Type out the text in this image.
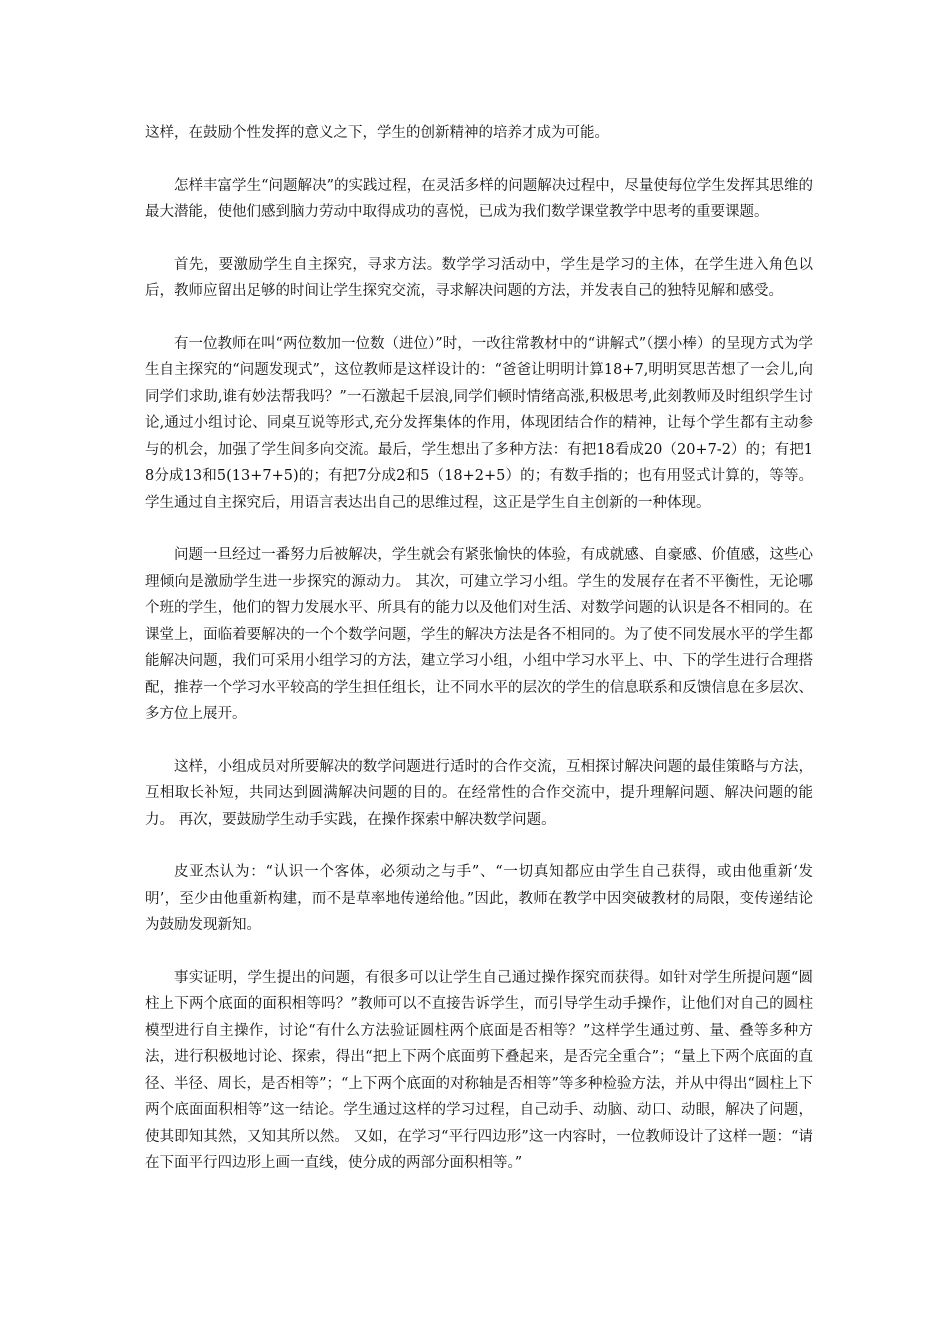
这样，在鼓励个性发挥的意义之下，学生的创新精神的培养才成为可能。

怎样丰富学生“问题解决”的实践过程，在灵活多样的问题解决过程中，尽量使每位学生发挥其思维的最大潜能，使他们感到脑力劳动中取得成功的喜悦，已成为我们数学课堂教学中思考的重要课题。

首先，要激励学生自主探究，寻求方法。数学学习活动中，学生是学习的主体，在学生进入角色以后，教师应留出足够的时间让学生探究交流，寻求解决问题的方法，并发表自己的独特见解和感受。

有一位教师在叫“两位数加一位数（进位）”时，一改往常教材中的“讲解式”（摆小棒）的呈现方式为学生自主探究的“问题发现式”，这位教师是这样设计的：“爸爸让明明计算18+7,明明冥思苦想了一会儿,向同学们求助,谁有妙法帮我吗？”一石激起千层浪,同学们顿时情绪高涨,积极思考,此刻教师及时组织学生讨论,通过小组讨论、同桌互说等形式,充分发挥集体的作用，体现团结合作的精神，让每个学生都有主动参与的机会，加强了学生间多向交流。最后，学生想出了多种方法：有把18看成20（20+7-2）的；有把18分成13和5(13+7+5)的；有把7分成2和5（18+2+5）的；有数手指的；也有用竖式计算的，等等。 学生通过自主探究后，用语言表达出自己的思维过程，这正是学生自主创新的一种体现。

问题一旦经过一番努力后被解决，学生就会有紧张愉快的体验，有成就感、自豪感、价值感，这些心理倾向是激励学生进一步探究的源动力。 其次，可建立学习小组。学生的发展存在者不平衡性，无论哪个班的学生，他们的智力发展水平、所具有的能力以及他们对生活、对数学问题的认识是各不相同的。在课堂上，面临着要解决的一个个数学问题，学生的解决方法是各不相同的。为了使不同发展水平的学生都能解决问题，我们可采用小组学习的方法，建立学习小组，小组中学习水平上、中、下的学生进行合理搭配，推荐一个学习水平较高的学生担任组长，让不同水平的层次的学生的信息联系和反馈信息在多层次、多方位上展开。

这样，小组成员对所要解决的数学问题进行适时的合作交流，互相探讨解决问题的最佳策略与方法，互相取长补短，共同达到圆满解决问题的目的。在经常性的合作交流中，提升理解问题、解决问题的能力。 再次，要鼓励学生动手实践，在操作探索中解决数学问题。

皮亚杰认为：“认识一个客体，必须动之与手”、“一切真知都应由学生自己获得，或由他重新‘发明’，至少由他重新构建，而不是草率地传递给他。”因此，教师在教学中因突破教材的局限，变传递结论为鼓励发现新知。

事实证明，学生提出的问题，有很多可以让学生自己通过操作探究而获得。如针对学生所提问题“圆柱上下两个底面的面积相等吗？”教师可以不直接告诉学生，而引导学生动手操作，让他们对自己的圆柱模型进行自主操作，讨论“有什么方法验证圆柱两个底面是否相等？”这样学生通过剪、量、叠等多种方法，进行积极地讨论、探索，得出“把上下两个底面剪下叠起来，是否完全重合”；“量上下两个底面的直径、半径、周长，是否相等”；“上下两个底面的对称轴是否相等”等多种检验方法，并从中得出“圆柱上下两个底面面积相等”这一结论。学生通过这样的学习过程，自己动手、动脑、动口、动眼，解决了问题，使其即知其然，又知其所以然。 又如，在学习“平行四边形”这一内容时，一位教师设计了这样一题：“请在下面平行四边形上画一直线，使分成的两部分面积相等。”
